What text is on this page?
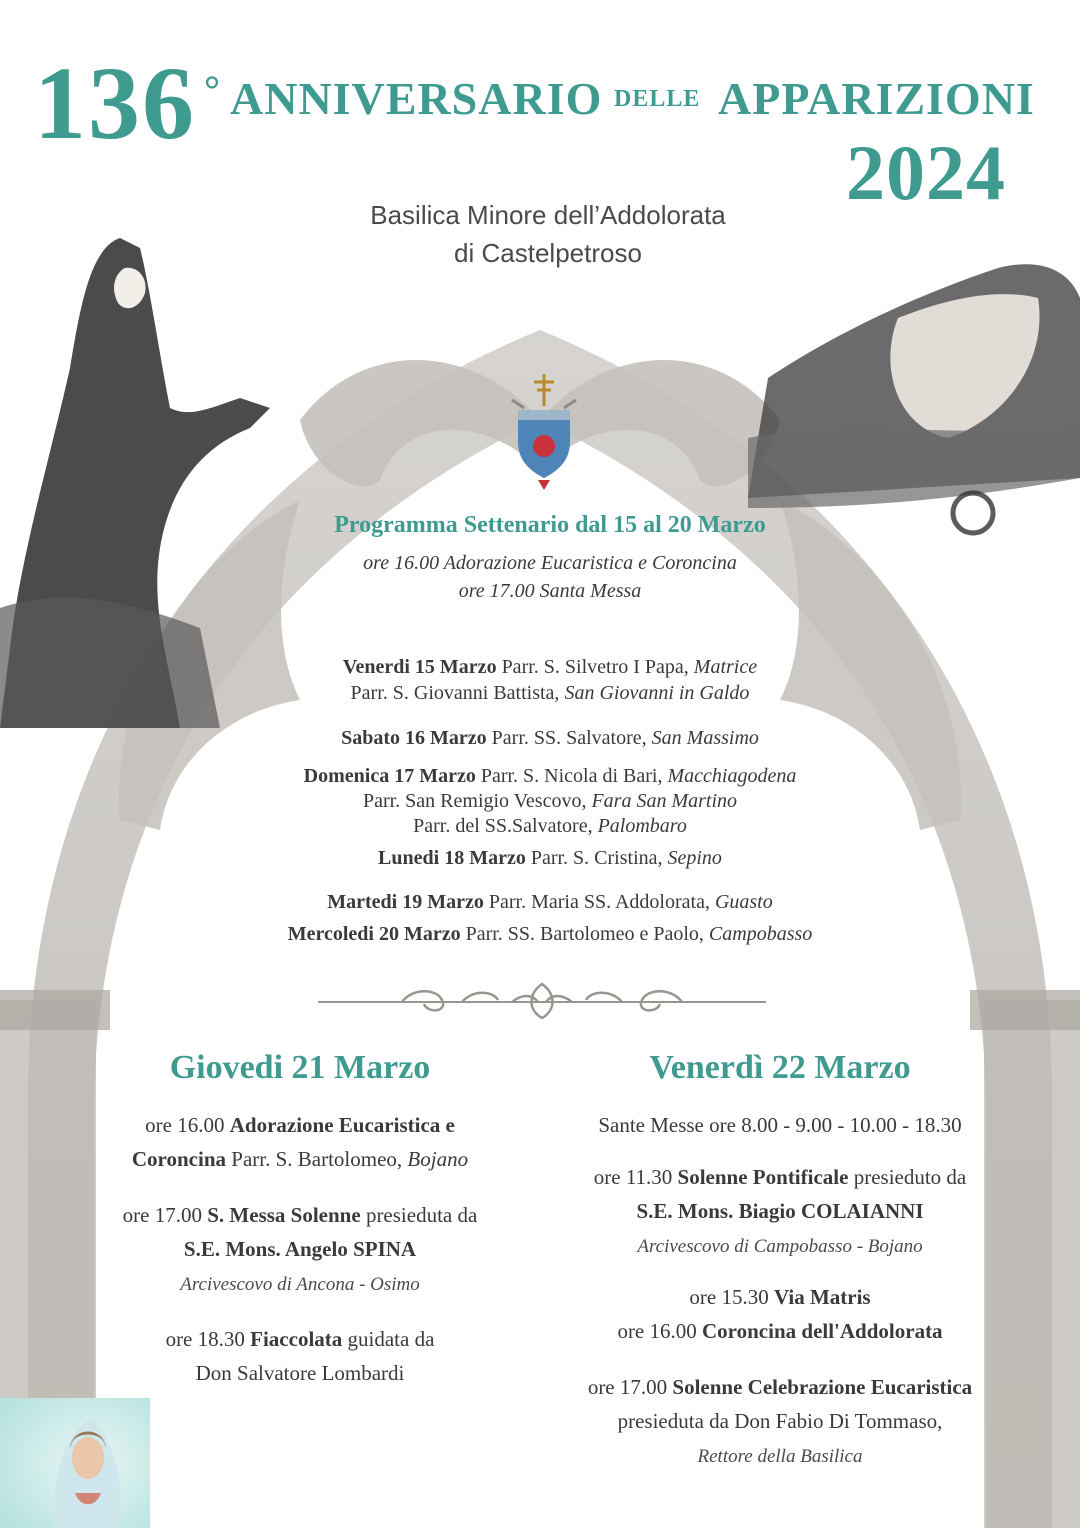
136 ° ANNIVERSARIO DELLE APPARIZIONI
2024
Basilica Minore dell’Addolorata
di Castelpetroso
Programma Settenario dal 15 al 20 Marzo
ore 16.00 Adorazione Eucaristica e Coroncina
ore 17.00 Santa Messa
Venerdi 15 Marzo Parr. S. Silvetro I Papa, Matrice
Parr. S. Giovanni Battista, San Giovanni in Galdo
Sabato 16 Marzo Parr. SS. Salvatore, San Massimo
Domenica 17 Marzo Parr. S. Nicola di Bari, Macchiagodena
Parr. San Remigio Vescovo, Fara San Martino
Parr. del SS.Salvatore, Palombaro
Lunedi 18 Marzo Parr. S. Cristina, Sepino
Martedi 19 Marzo Parr. Maria SS. Addolorata, Guasto
Mercoledi 20 Marzo Parr. SS. Bartolomeo e Paolo, Campobasso
Giovedi 21 Marzo
ore 16.00 Adorazione Eucaristica e
Coroncina Parr. S. Bartolomeo, Bojano
ore 17.00 S. Messa Solenne presieduta da
S.E. Mons. Angelo SPINA
Arcivescovo di Ancona - Osimo
ore 18.30 Fiaccolata guidata da
Don Salvatore Lombardi
Venerdì 22 Marzo
Sante Messe ore 8.00 - 9.00 - 10.00 - 18.30
ore 11.30 Solenne Pontificale presieduto da
S.E. Mons. Biagio COLAIANNI
Arcivescovo di Campobasso - Bojano
ore 15.30 Via Matris
ore 16.00 Coroncina dell'Addolorata
ore 17.00 Solenne Celebrazione Eucaristica
presieduta da Don Fabio Di Tommaso,
Rettore della Basilica
